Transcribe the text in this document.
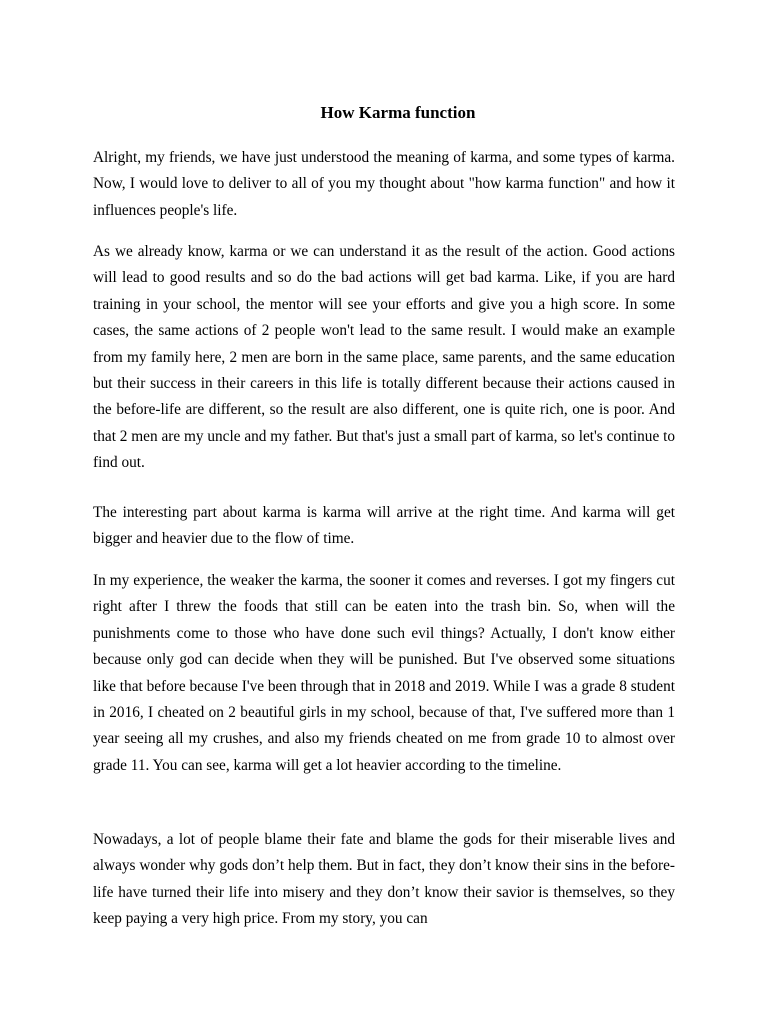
How Karma function

Alright, my friends, we have just understood the meaning of karma, and some types of karma. Now, I would love to deliver to all of you my thought about "how karma function" and how it influences people's life.

As we already know, karma or we can understand it as the result of the action. Good actions will lead to good results and so do the bad actions will get bad karma. Like, if you are hard training in your school, the mentor will see your efforts and give you a high score. In some cases, the same actions of 2 people won't lead to the same result. I would make an example from my family here, 2 men are born in the same place, same parents, and the same education but their success in their careers in this life is totally different because their actions caused in the before-life are different, so the result are also different, one is quite rich, one is poor. And that 2 men are my uncle and my father. But that's just a small part of karma, so let's continue to find out.

The interesting part about karma is karma will arrive at the right time. And karma will get bigger and heavier due to the flow of time.

In my experience, the weaker the karma, the sooner it comes and reverses. I got my fingers cut right after I threw the foods that still can be eaten into the trash bin. So, when will the punishments come to those who have done such evil things? Actually, I don't know either because only god can decide when they will be punished. But I've observed some situations like that before because I've been through that in 2018 and 2019. While I was a grade 8 student in 2016, I cheated on 2 beautiful girls in my school, because of that, I've suffered more than 1 year seeing all my crushes, and also my friends cheated on me from grade 10 to almost over grade 11. You can see, karma will get a lot heavier according to the timeline.

Nowadays, a lot of people blame their fate and blame the gods for their miserable lives and always wonder why gods don’t help them. But in fact, they don’t know their sins in the before-life have turned their life into misery and they don’t know their savior is themselves, so they keep paying a very high price. From my story, you can
